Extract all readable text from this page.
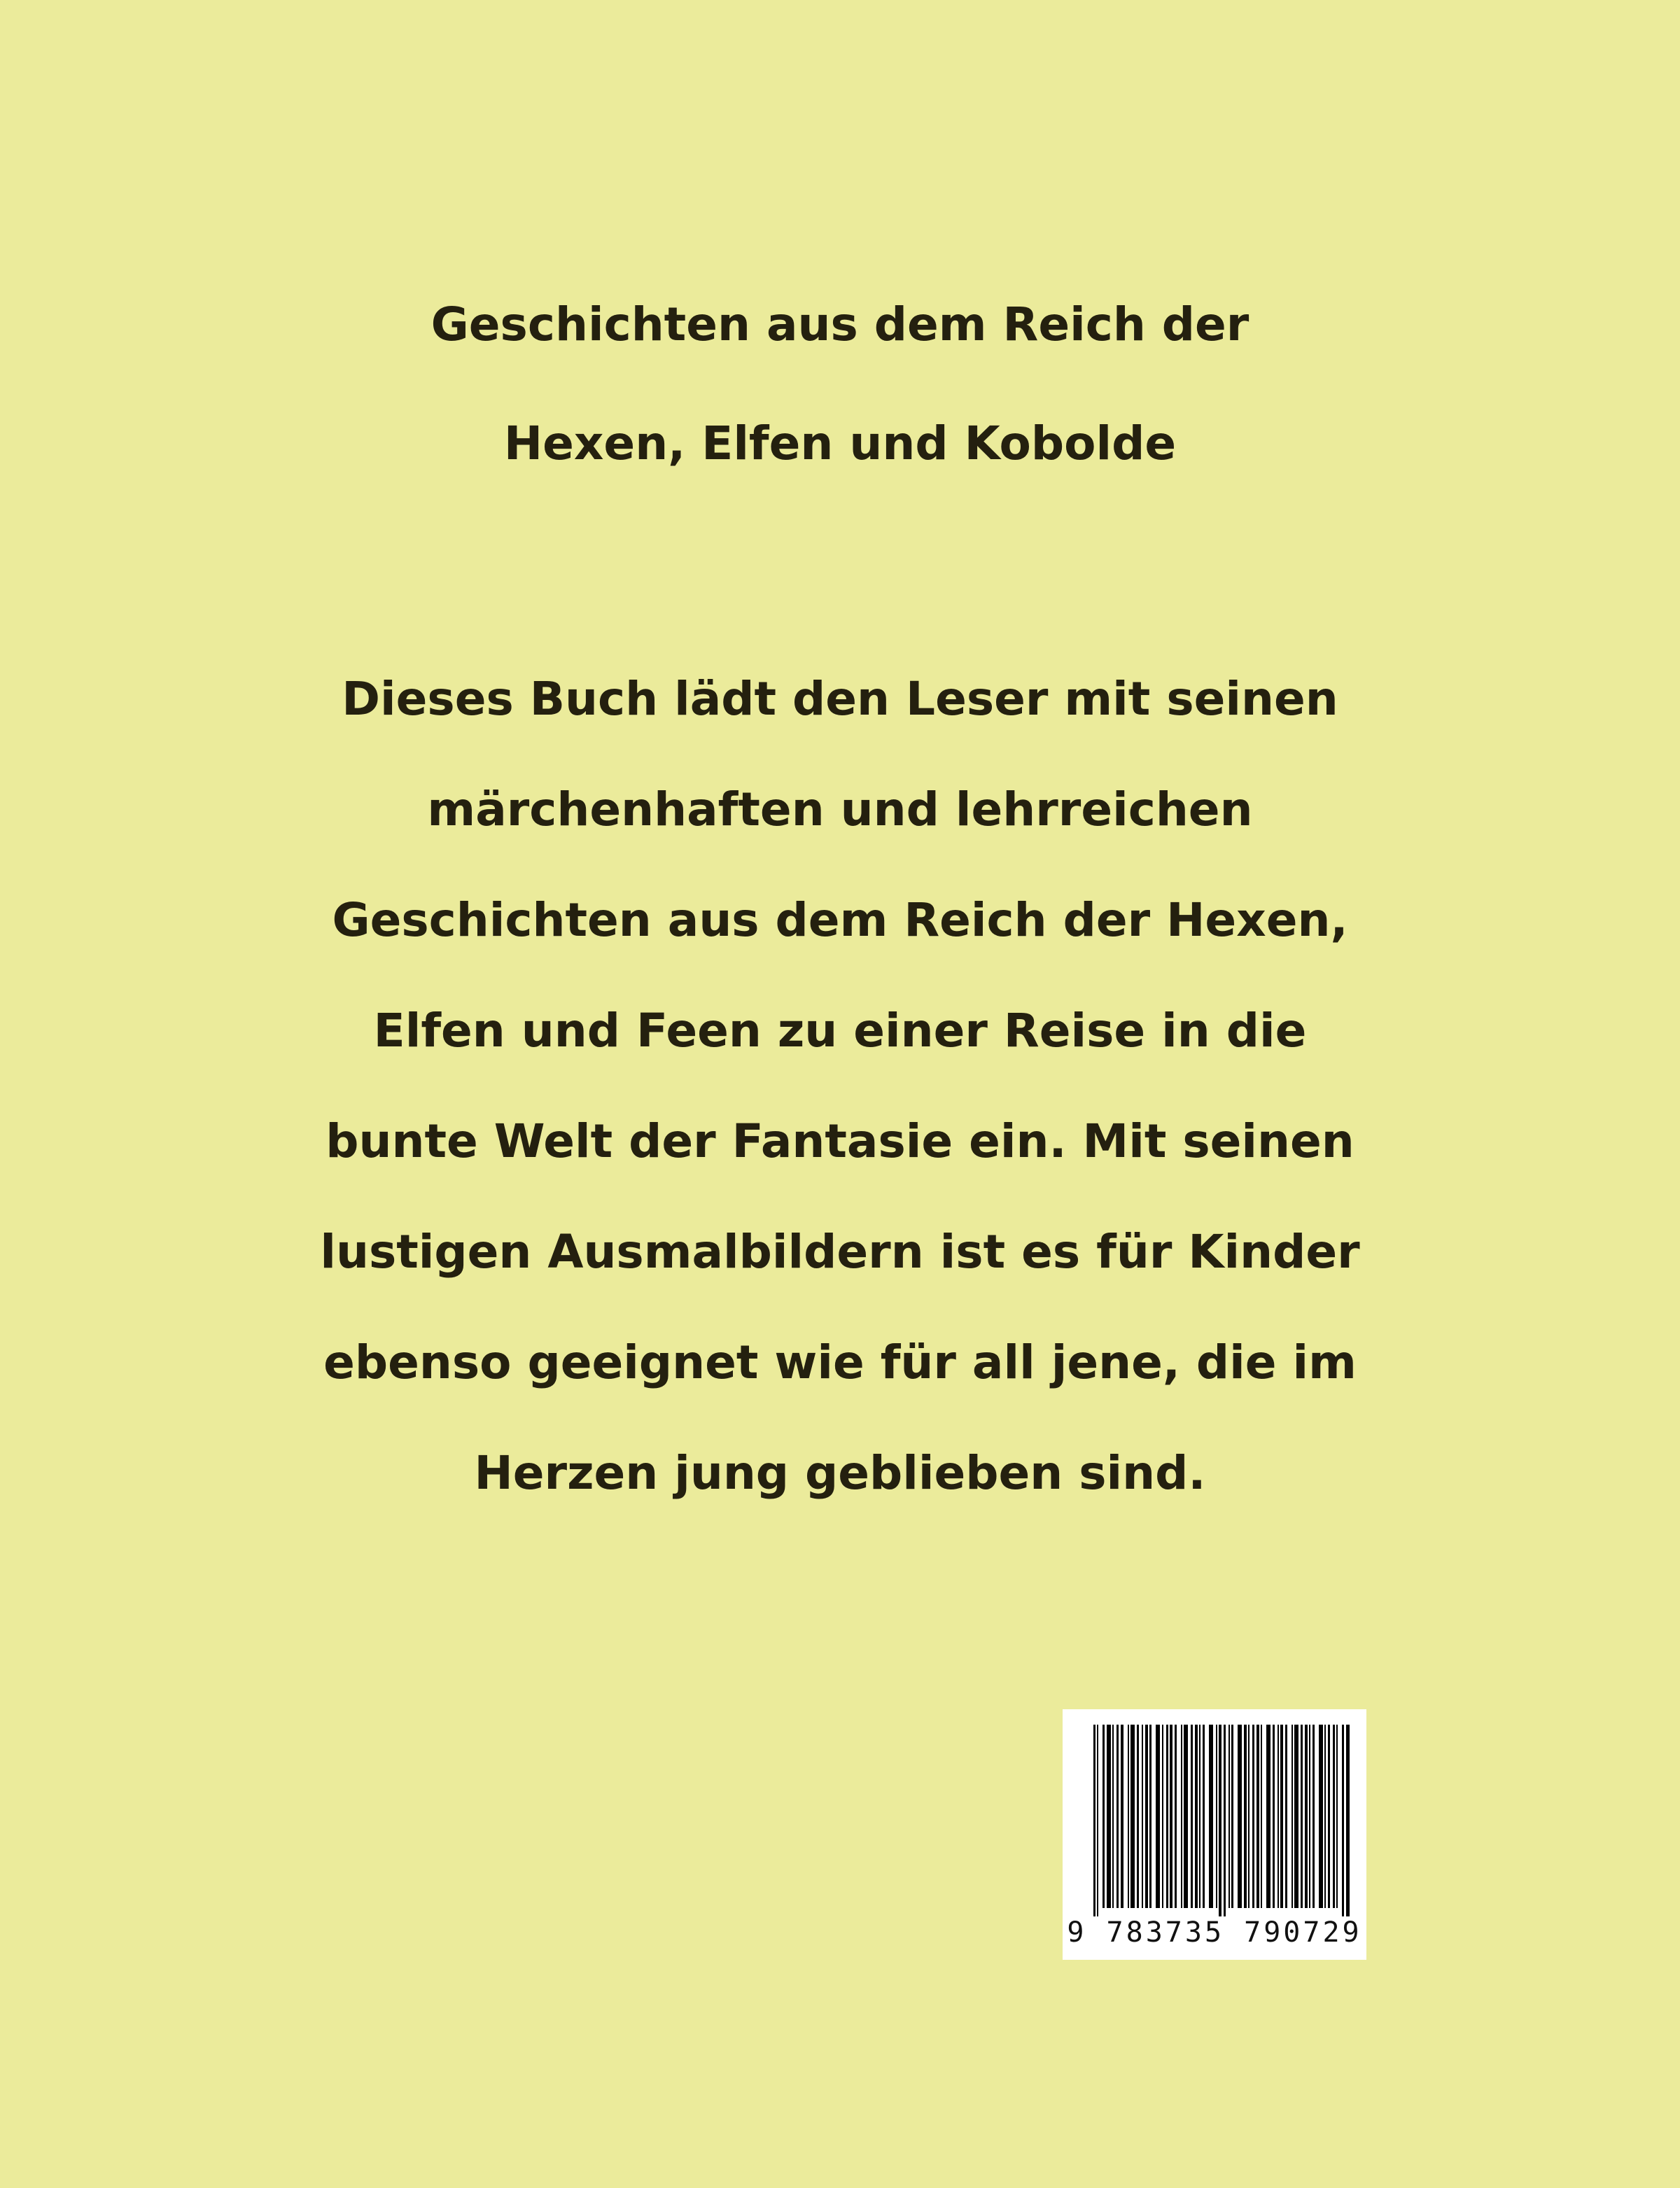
Geschichten aus dem Reich der
Hexen, Elfen und Kobolde
Dieses Buch lädt den Leser mit seinen
märchenhaften und lehrreichen
Geschichten aus dem Reich der Hexen,
Elfen und Feen zu einer Reise in die
bunte Welt der Fantasie ein. Mit seinen
lustigen Ausmalbildern ist es für Kinder
ebenso geeignet wie für all jene, die im
Herzen jung geblieben sind.
9 783735 790729
